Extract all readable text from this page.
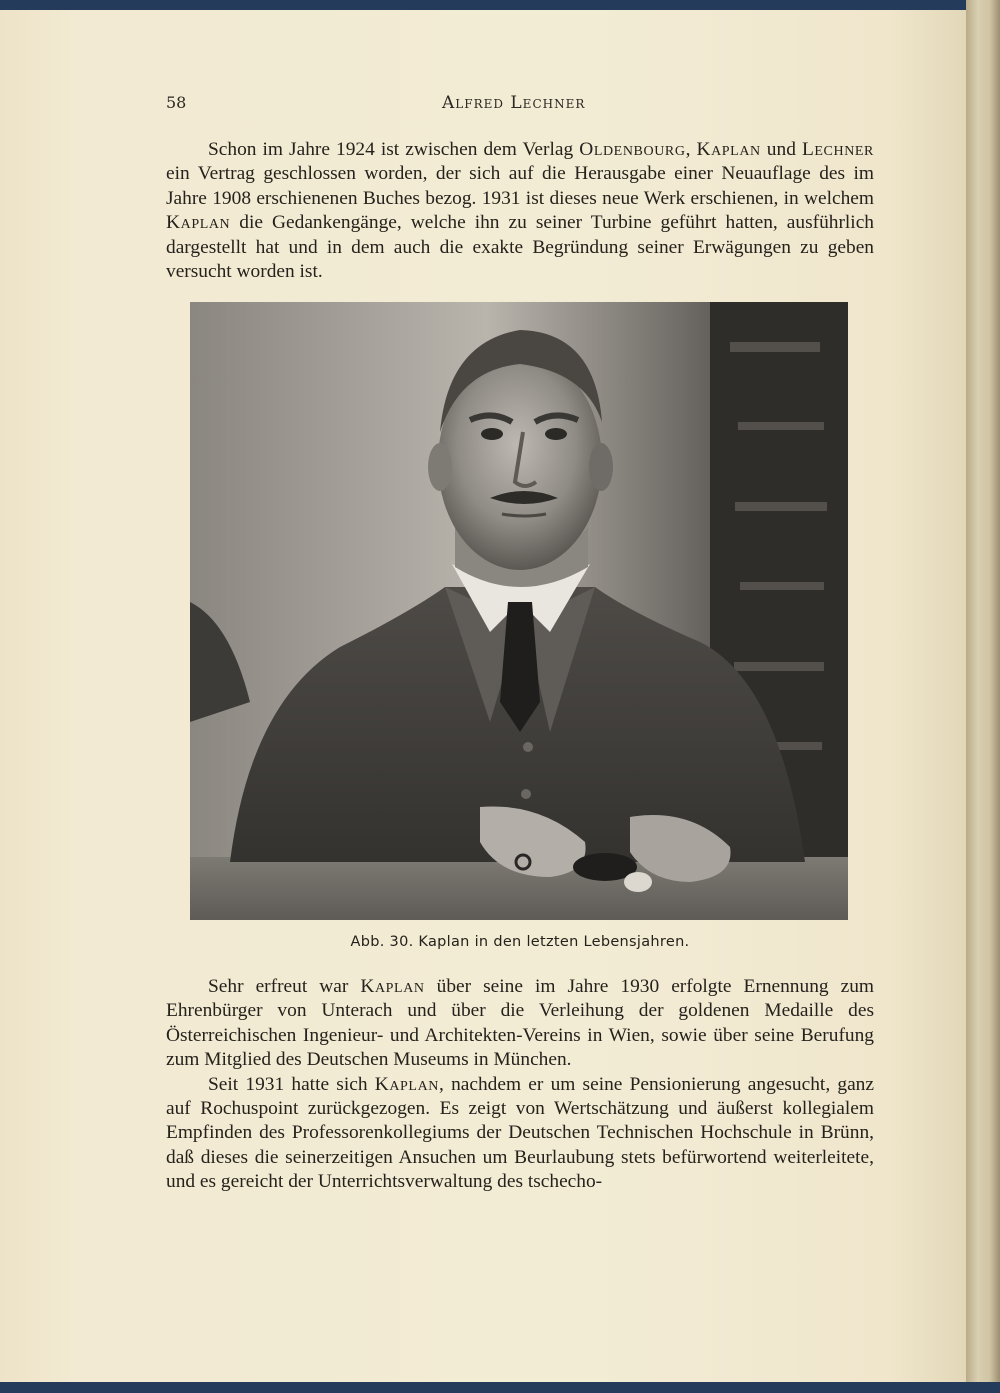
58	Alfred Lechner

Schon im Jahre 1924 ist zwischen dem Verlag Oldenbourg, Kaplan und Lechner ein Vertrag geschlossen worden, der sich auf die Herausgabe einer Neuauflage des im Jahre 1908 erschienenen Buches bezog. 1931 ist dieses neue Werk erschienen, in welchem Kaplan die Gedankengänge, welche ihn zu seiner Turbine geführt hatten, ausführlich dargestellt hat und in dem auch die exakte Begründung seiner Erwägungen zu geben versucht worden ist.

Abb. 30. Kaplan in den letzten Lebensjahren.

Sehr erfreut war Kaplan über seine im Jahre 1930 erfolgte Ernennung zum Ehrenbürger von Unterach und über die Verleihung der goldenen Medaille des Österreichischen Ingenieur- und Architekten-Vereins in Wien, sowie über seine Berufung zum Mitglied des Deutschen Museums in München.

Seit 1931 hatte sich Kaplan, nachdem er um seine Pensionierung angesucht, ganz auf Rochuspoint zurückgezogen. Es zeigt von Wertschätzung und äußerst kollegialem Empfinden des Professorenkollegiums der Deutschen Technischen Hochschule in Brünn, daß dieses die seinerzeitigen Ansuchen um Beurlaubung stets befürwortend weiterleitete, und es gereicht der Unterrichtsverwaltung des tschecho-
